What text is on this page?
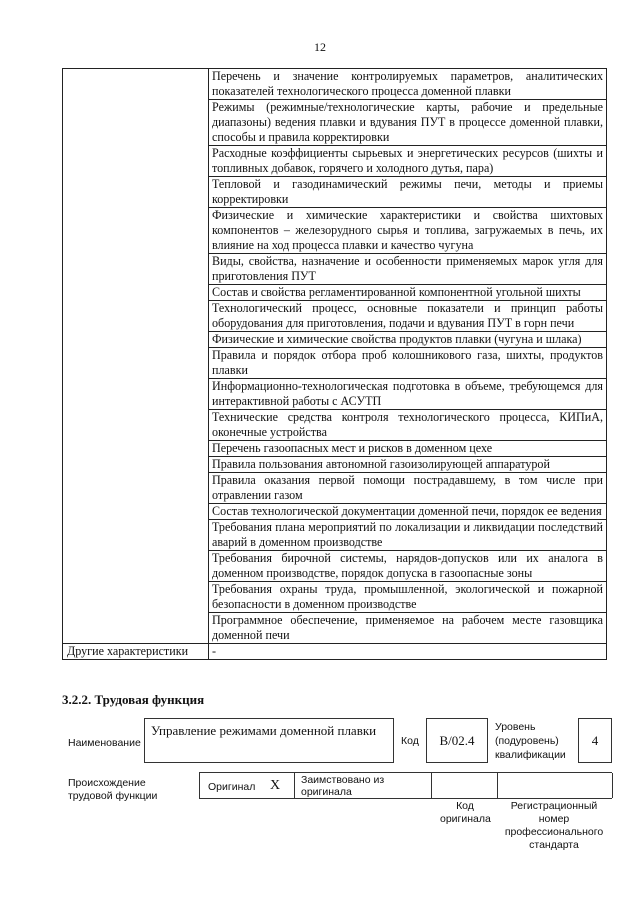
12
	Перечень и значение контролируемых параметров, аналитических показателей технологического процесса доменной плавки
	Режимы (режимные/технологические карты, рабочие и предельные диапазоны) ведения плавки и вдувания ПУТ в процессе доменной плавки, способы и правила корректировки
	Расходные коэффициенты сырьевых и энергетических ресурсов (шихты и топливных добавок, горячего и холодного дутья, пара)
	Тепловой и газодинамический режимы печи, методы и приемы корректировки
	Физические и химические характеристики и свойства шихтовых компонентов – железорудного сырья и топлива, загружаемых в печь, их влияние на ход процесса плавки и качество чугуна
	Виды, свойства, назначение и особенности применяемых марок угля для приготовления ПУТ
	Состав и свойства регламентированной компонентной угольной шихты
	Технологический процесс, основные показатели и принцип работы оборудования для приготовления, подачи и вдувания ПУТ в горн печи
	Физические и химические свойства продуктов плавки (чугуна и шлака)
	Правила и порядок отбора проб колошникового газа, шихты, продуктов плавки
	Информационно-технологическая подготовка в объеме, требующемся для интерактивной работы с АСУТП
	Технические средства контроля технологического процесса, КИПиА, оконечные устройства
	Перечень газоопасных мест и рисков в доменном цехе
	Правила пользования автономной газоизолирующей аппаратурой
	Правила оказания первой помощи пострадавшему, в том числе при отравлении газом
	Состав технологической документации доменной печи, порядок ее ведения
	Требования плана мероприятий по локализации и ликвидации последствий аварий в доменном производстве
	Требования бирочной системы, нарядов-допусков или их аналога в доменном производстве, порядок допуска в газоопасные зоны
	Требования охраны труда, промышленной, экологической и пожарной безопасности в доменном производстве
	Программное обеспечение, применяемое на рабочем месте газовщика доменной печи
Другие характеристики	-
3.2.2. Трудовая функция
Наименование
Управление режимами доменной плавки
Код	B/02.4
Уровень (подуровень) квалификации
4
Происхождение трудовой функции
Оригинал X Заимствовано из оригинала
Код оригинала
Регистрационный номер профессионального стандарта
